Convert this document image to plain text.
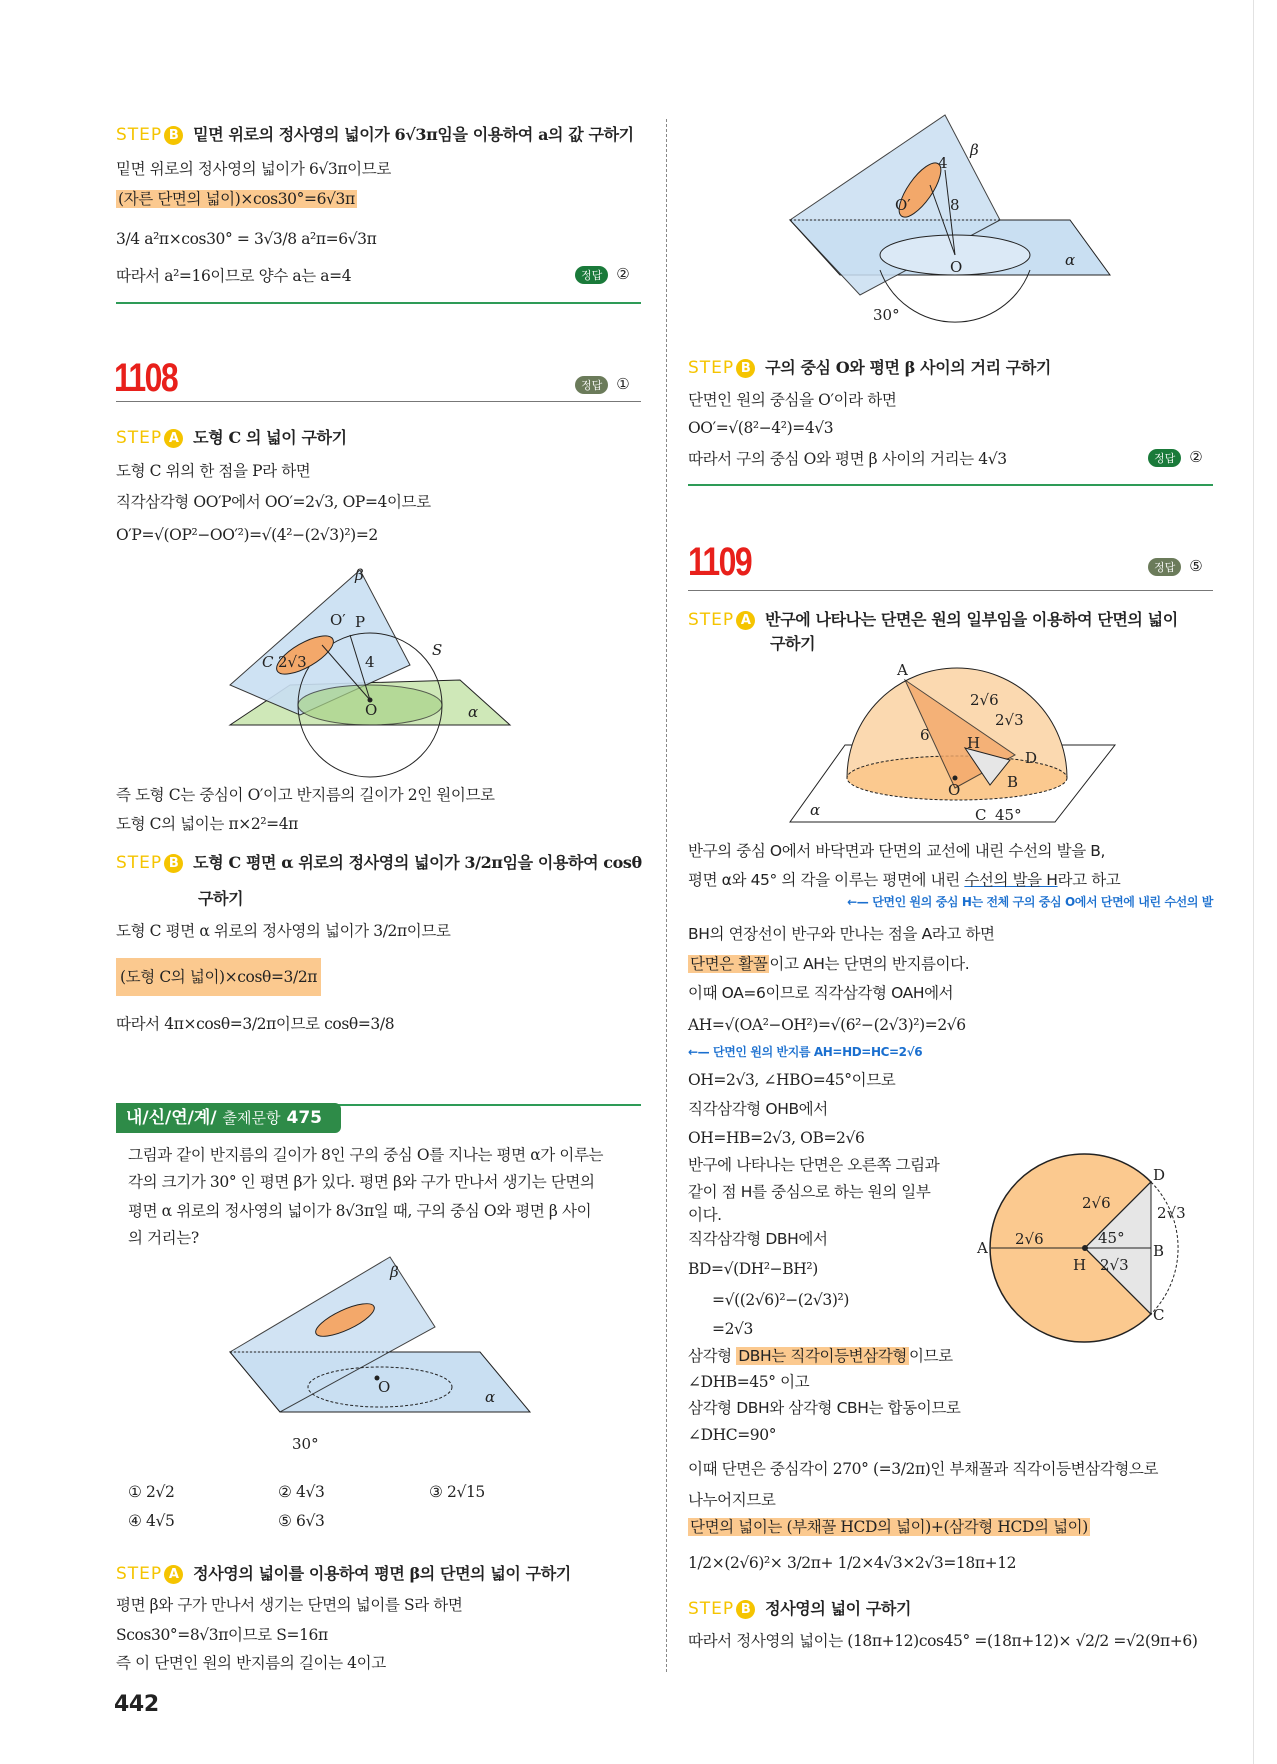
STEP B 밑면 위로의 정사영의 넓이가 6√3π임을 이용하여 a의 값 구하기
밑면 위로의 정사영의 넓이가 6√3π이므로
(자른 단면의 넓이)×cos30°=6√3π
3/4 a²π×cos30° = 3√3/8 a²π=6√3π
따라서 a²=16이므로 양수 a는 a=4	정답 ②
1108	정답 ①
STEP A 도형 C 의 넓이 구하기
도형 C 위의 한 점을 P라 하면
직각삼각형 OO′P에서 OO′=2√3, OP=4이므로
O′P=√(OP²−OO′²)=√(4²−(2√3)²)=2
β
O′ P
S
C 2√3	4
O	α
즉 도형 C는 중심이 O′이고 반지름의 길이가 2인 원이므로
도형 C의 넓이는 π×2²=4π
STEP B 도형 C 평면 α 위로의 정사영의 넓이가 3/2π임을 이용하여 cosθ
구하기
도형 C 평면 α 위로의 정사영의 넓이가 3/2π이므로
(도형 C의 넓이)×cosθ=3/2π
따라서 4π×cosθ=3/2π이므로 cosθ=3/8
내/신/연/계/ 출제문항 475
그림과 같이 반지름의 길이가 8인 구의 중심 O를 지나는 평면 α가 이루는
각의 크기가 30° 인 평면 β가 있다. 평면 β와 구가 만나서 생기는 단면의
평면 α 위로의 정사영의 넓이가 8√3π일 때, 구의 중심 O와 평면 β 사이
의 거리는?
β
O
α
30°
① 2√2	② 4√3	③ 2√15
④ 4√5	⑤ 6√3
STEP A 정사영의 넓이를 이용하여 평면 β의 단면의 넓이 구하기
평면 β와 구가 만나서 생기는 단면의 넓이를 S라 하면
Scos30°=8√3π이므로 S=16π
즉 이 단면인 원의 반지름의 길이는 4이고
442
β
4
O′	8
O	α
30°
STEP B 구의 중심 O와 평면 β 사이의 거리 구하기
단면인 원의 중심을 O′이라 하면
OO′=√(8²−4²)=4√3
따라서 구의 중심 O와 평면 β 사이의 거리는 4√3	정답 ②
1109	정답 ⑤
STEP A 반구에 나타나는 단면은 원의 일부임을 이용하여 단면의 넓이
구하기
A
2√6
2√3
6 H
D
B
O
C 45°
α
반구의 중심 O에서 바닥면과 단면의 교선에 내린 수선의 발을 B,
평면 α와 45° 의 각을 이루는 평면에 내린 수선의 발을 H라고 하고
←— 단면인 원의 중심 H는 전체 구의 중심 O에서 단면에 내린 수선의 발
BH의 연장선이 반구와 만나는 점을 A라고 하면
단면은 활꼴 이고 AH는 단면의 반지름이다.
이때 OA=6이므로 직각삼각형 OAH에서
AH=√(OA²−OH²)=√(6²−(2√3)²)=2√6
←— 단면인 원의 반지름 AH=HD=HC=2√6
OH=2√3, ∠HBO=45°이므로
직각삼각형 OHB에서
OH=HB=2√3, OB=2√6
반구에 나타나는 단면은 오른쪽 그림과
같이 점 H를 중심으로 하는 원의 일부
이다.
직각삼각형 DBH에서
BD=√(DH²−BH²)
=√((2√6)²−(2√3)²)
=2√3
삼각형 DBH는 직각이등변삼각형 이므로
∠DHB=45° 이고
삼각형 DBH와 삼각형 CBH는 합동이므로
∠DHC=90°
A
H
D
B
C
2√6
2√6
2√3
2√3
45°
이때 단면은 중심각이 270° (=3/2π)인 부채꼴과 직각이등변삼각형으로
나누어지므로
단면의 넓이는 (부채꼴 HCD의 넓이)+(삼각형 HCD의 넓이)
1/2×(2√6)²× 3/2π+ 1/2×4√3×2√3=18π+12
STEP B 정사영의 넓이 구하기
따라서 정사영의 넓이는 (18π+12)cos45° =(18π+12)× √2/2 =√2(9π+6)
